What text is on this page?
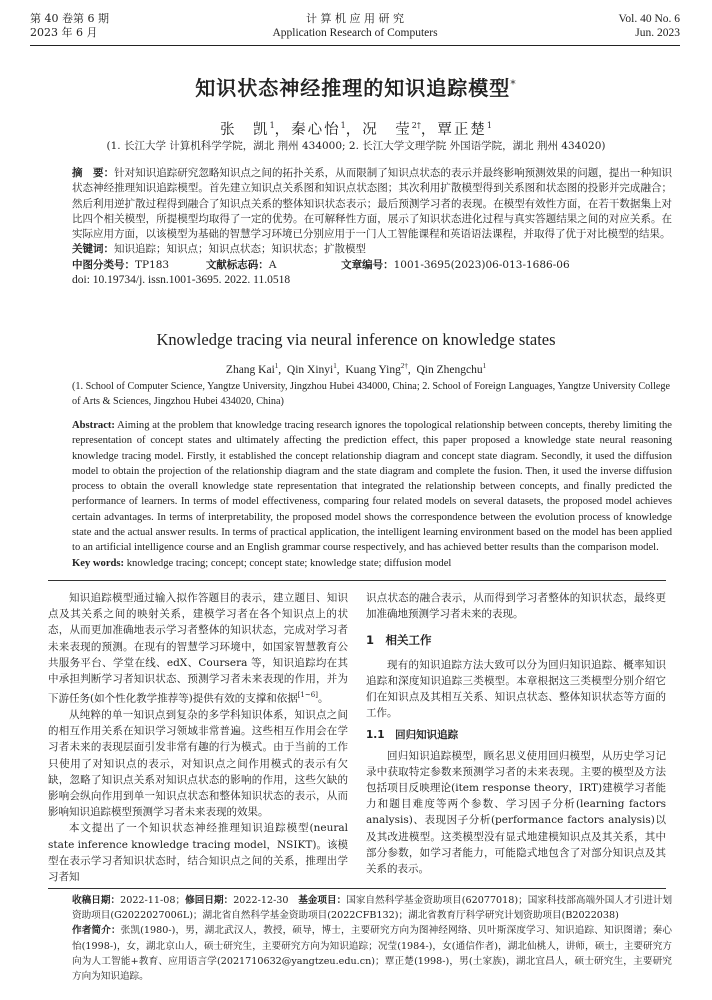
第 40 卷第 6 期
2023 年 6 月
计 算 机 应 用 研 究
Application Research of Computers
Vol. 40 No. 6
Jun. 2023
知识状态神经推理的知识追踪模型*
张　凯$^1$，秦心怡$^1$，况　莹$^{2\dagger}$，覃正楚$^1$
(1. 长江大学 计算机科学学院，湖北 荆州 434000; 2. 长江大学文理学院 外国语学院，湖北 荆州 434020)
摘　要：针对知识追踪研究忽略知识点之间的拓扑关系，从而限制了知识点状态的表示并最终影响预测效果的问题，提出一种知识状态神经推理知识追踪模型。首先建立知识点关系图和知识点状态图；其次利用扩散模型得到关系图和状态图的投影并完成融合；然后利用逆扩散过程得到融合了知识点关系的整体知识状态表示；最后预测学习者的表现。在模型有效性方面，在若干数据集上对比四个相关模型，所提模型均取得了一定的优势。在可解释性方面，展示了知识状态进化过程与真实答题结果之间的对应关系。在实际应用方面，以该模型为基础的智慧学习环境已分别应用于一门人工智能课程和英语语法课程，并取得了优于对比模型的结果。
关键词：知识追踪；知识点；知识点状态；知识状态；扩散模型
中图分类号：TP183	文献标志码：A	文章编号：1001-3695(2023)06-013-1686-06
doi: 10.19734/j. issn.1001-3695. 2022. 11.0518
Knowledge tracing via neural inference on knowledge states
Zhang Kai$^1$,  Qin Xinyi$^1$,  Kuang Ying$^{2\dagger}$,  Qin Zhengchu$^1$
(1. School of Computer Science, Yangtze University, Jingzhou Hubei 434000, China; 2. School of Foreign Languages, Yangtze University College of Arts & Sciences, Jingzhou Hubei 434020, China)
Abstract: Aiming at the problem that knowledge tracing research ignores the topological relationship between concepts, thereby limiting the representation of concept states and ultimately affecting the prediction effect, this paper proposed a knowledge state neural reasoning knowledge tracing model. Firstly, it established the concept relationship diagram and concept state diagram. Secondly, it used the diffusion model to obtain the projection of the relationship diagram and the state diagram and complete the fusion. Then, it used the inverse diffusion process to obtain the overall knowledge state representation that integrated the relationship between concepts, and finally predicted the performance of learners. In terms of model effectiveness, comparing four related models on several datasets, the proposed model achieves certain advantages. In terms of interpretability, the proposed model shows the correspondence between the evolution process of knowledge state and the actual answer results. In terms of practical application, the intelligent learning environment based on the model has been applied to an artificial intelligence course and an English grammar course respectively, and has achieved better results than the comparison model.
Key words: knowledge tracing; concept; concept state; knowledge state; diffusion model

知识追踪模型通过输入拟作答题目的表示，建立题目、知识点及其关系之间的映射关系，建模学习者在各个知识点上的状态，从而更加准确地表示学习者整体的知识状态，完成对学习者未来表现的预测。在现有的智慧学习环境中，如国家智慧教育公共服务平台、学堂在线、edX、Coursera 等，知识追踪均在其中承担判断学习者知识状态、预测学习者未来表现的作用，并为下游任务(如个性化教学推荐等)提供有效的支撑和依据[1~6]。

从纯粹的单一知识点到复杂的多学科知识体系，知识点之间的相互作用关系在知识学习领域非常普遍。这些相互作用会在学习者未来的表现层面引发非常有趣的行为模式。由于当前的工作只使用了对知识点的表示，对知识点之间作用模式的表示有欠缺，忽略了知识点关系对知识点状态的影响的作用，这些欠缺的影响会纵向作用到单一知识点状态和整体知识状态的表示，从而影响知识追踪模型预测学习者未来表现的效果。

本文提出了一个知识状态神经推理知识追踪模型(neural state inference knowledge tracing model，NSIKT)。该模型在表示学习者知识状态时，结合知识点之间的关系，推理出学习者知

识点状态的融合表示，从而得到学习者整体的知识状态，最终更加准确地预测学习者未来的表现。

1　相关工作

现有的知识追踪方法大致可以分为回归知识追踪、概率知识追踪和深度知识追踪三类模型。本章根据这三类模型分别介绍它们在知识点及其相互关系、知识点状态、整体知识状态等方面的工作。

1.1　回归知识追踪

回归知识追踪模型，顾名思义使用回归模型，从历史学习记录中获取特定参数来预测学习者的未来表现。主要的模型及方法包括项目反映理论(item response theory，IRT)建模学习者能力和题目难度等两个参数、学习因子分析(learning factors analysis)、表现因子分析(performance factors analysis)以及其改进模型。这类模型没有显式地建模知识点及其关系，其中部分参数，如学习者能力，可能隐式地包含了对部分知识点及其关系的表示。

收稿日期：2022-11-08；修回日期：2022-12-30　 基金项目：国家自然科学基金资助项目(62077018)；国家科技部高端外国人才引进计划资助项目(G2022027006L)；湖北省自然科学基金资助项目(2022CFB132)；湖北省教育厅科学研究计划资助项目(B2022038)
作者简介：张凯(1980-)，男，湖北武汉人，教授，硕导，博士，主要研究方向为图神经网络、贝叶斯深度学习、知识追踪、知识图谱；秦心怡(1998-)，女，湖北京山人，硕士研究生，主要研究方向为知识追踪；况莹(1984-)，女(通信作者)，湖北仙桃人，讲师，硕士，主要研究方向为人工智能+教育、应用语言学(2021710632@yangtzeu.edu.cn)；覃正楚(1998-)，男(土家族)，湖北宜昌人，硕士研究生，主要研究方向为知识追踪。
